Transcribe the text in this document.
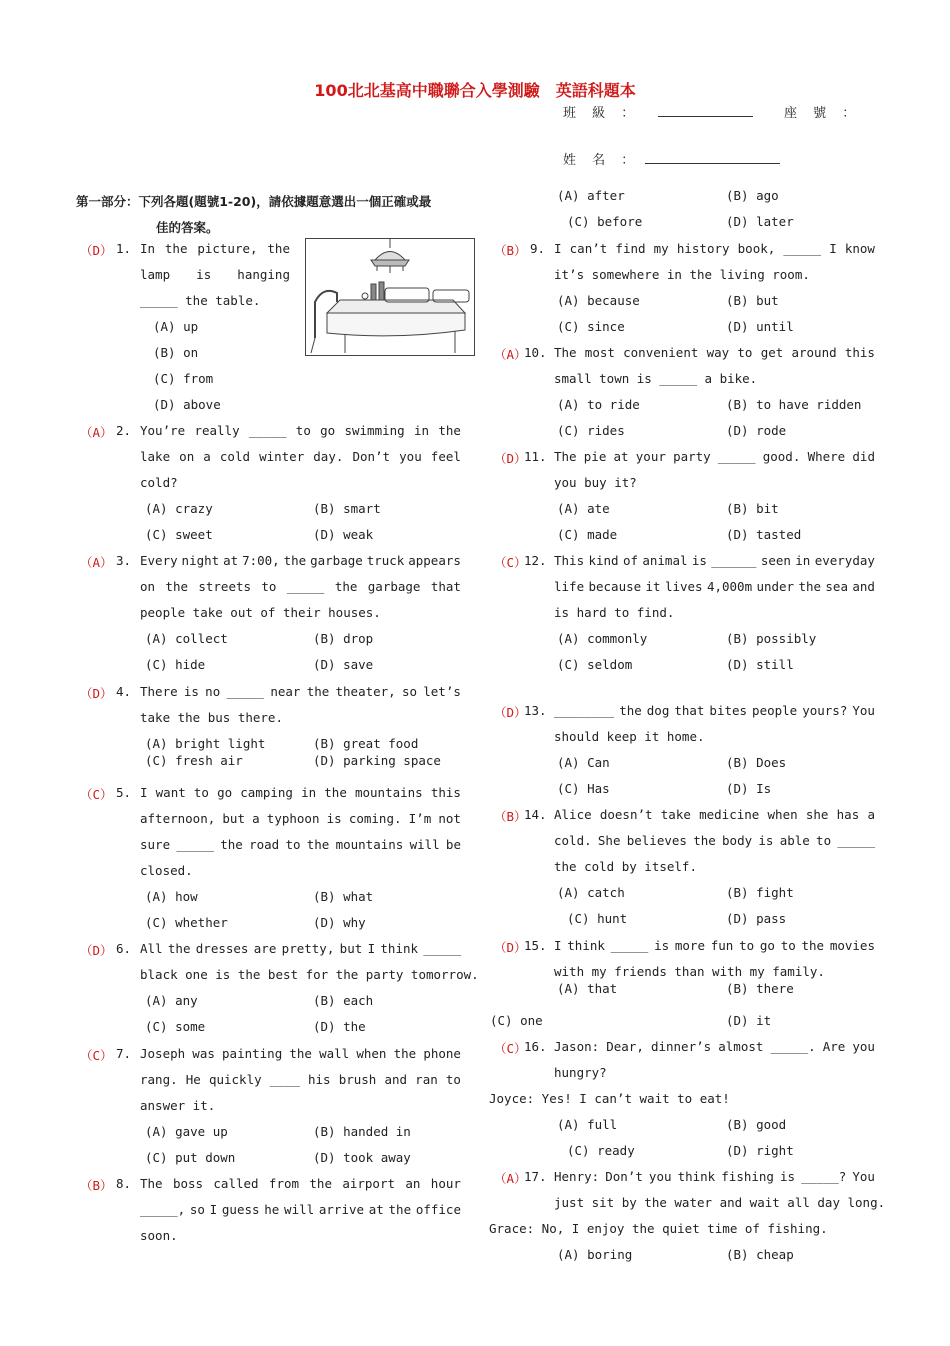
100北北基高中職聯合入學測驗　英語科題本
班 級 ：	座 號 ：
姓 名 ：
第一部分：下列各題(題號1-20)，請依據題意選出一個正確或最
佳的答案。
（D） 1. In the picture, the
lamp is hanging
_____ the table.
(A) up
(B) on
(C) from
(D) above
（A） 2. You’re really _____ to go swimming in the
lake on a cold winter day. Don’t you feel
cold?
(A) crazy	(B) smart
(C) sweet	(D) weak
（A） 3. Every night at 7:00, the garbage truck appears
on the streets to _____ the garbage that
people take out of their houses.
(A) collect	(B) drop
(C) hide	(D) save
（D） 4. There is no _____ near the theater, so let’s
take the bus there.
(A) bright light	(B) great food
(C) fresh air	(D) parking space
（C） 5. I want to go camping in the mountains this
afternoon, but a typhoon is coming. I’m not
sure _____ the road to the mountains will be
closed.
(A) how	(B) what
(C) whether	(D) why
（D） 6. All the dresses are pretty, but I think _____
black one is the best for the party tomorrow.
(A) any	(B) each
(C) some	(D) the
（C） 7. Joseph was painting the wall when the phone
rang. He quickly ____ his brush and ran to
answer it.
(A) gave up	(B) handed in
(C) put down	(D) took away
（B） 8. The boss called from the airport an hour
_____, so I guess he will arrive at the office
soon.
(A) after	(B) ago
(C) before	(D) later
（B） 9. I can’t find my history book, _____ I know
it’s somewhere in the living room.
(A) because	(B) but
(C) since	(D) until
（A）
10. The most convenient way to get around this
small town is _____ a bike.
(A) to ride	(B) to have ridden
(C) rides	(D) rode
（D）
11. The pie at your party _____ good. Where did
you buy it?
(A) ate	(B) bit
(C) made	(D) tasted
（C）
12. This kind of animal is ______ seen in everyday
life because it lives 4,000m under the sea and
is hard to find.
(A) commonly	(B) possibly
(C) seldom	(D) still
（D）
13. ________ the dog that bites people yours? You
should keep it home.
(A) Can	(B) Does
(C) Has	(D) Is
（B）
14. Alice doesn’t take medicine when she has a
cold. She believes the body is able to _____
the cold by itself.
(A) catch	(B) fight
(C) hunt	(D) pass
（D）
15. I think _____ is more fun to go to the movies
with my friends than with my family.
(A) that	(B) there
(C) one	(D) it
（C）
16. Jason: Dear, dinner’s almost _____. Are you
hungry?
Joyce: Yes! I can’t wait to eat!
(A) full	(B) good
(C) ready	(D) right
（A）
17. Henry: Don’t you think fishing is _____? You
just sit by the water and wait all day long.
Grace: No, I enjoy the quiet time of fishing.
(A) boring	(B) cheap
